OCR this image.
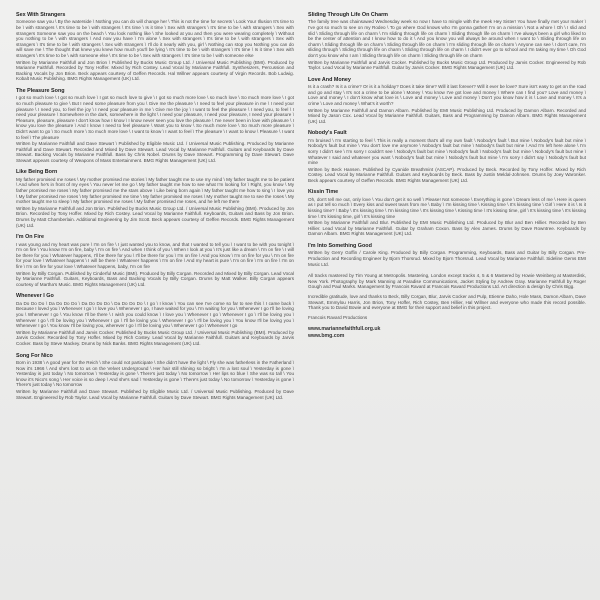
Sex With Strangers

Someone saw you \ By the waterside \ Nothing you can do will change her \ This is not the time for secrets \ Look Your Illusion It's time to be \ with strangers \ It's time to be \ with strangers \ It's time \ Is it time \ Sex with strangers \ It's time to be \ with strangers \ Sex with strangers Someone saw you on the beach \ You look nothing like \ She looked at you and then you were wearing completely \ Without you nothing to be \ with strangers \ And now you have \ I'm alone \ Sex with strangers \ It's time to be \ with strangers \ Sex with strangers \ It's time to be \ with strangers \ Sex with strangers \ I'll do it nearly with you, girl \ Nothing can stop you Nothing you can do will save me \ The thought that knew you knew how much you'll be lying \ It's time to be \ with strangers \ It's time \ Is it time \ Sex with strangers \ It's time to be \ with someone else \ It's time to be \ Sex with strangers \ It's time to be \ with someone else

Written by Marianne Faithfull and Jon Brion \ Published by Bucks Music Group Ltd. / Universal Music Publishing (BMI). Produced by Marianne Faithfull. Recorded by Tony Hoffer. Mixed by Rich Costey. Lead Vocal by Marianne Faithfull. Synthesizers, Percussion and Backing Vocals by Jon Brion. Beck appears courtesy of Geffen Records. Hal Willner appears courtesy of Virgin Records. Bob Ludwig. Kobalt Music Publishing. BMG Rights Management (UK) Ltd.

The Pleasure Song

I got so much love \ I got so much love \ I got so much love to give \ I got so much more love \ so much love \ So much more love \ I got so much pleasure to give \ But I need some pleasure from you \ Give me the pleasure \ I need to feel your pleasure in me \ I need your pleasure \ I need you, to feel the joy \ I need your pleasure in me \ Give me the joy \ I want to feel the pleasure \ I need you, to feel \ I need your pleasure \ Somewhere in the dark, somewhere in the light \ I need your pleasure, I need your pleasure, I need your pleasure \ Pleasure, pleasure, pleasure I don't know how I know \ I know never seen you love the pleasure \ I've never been in love with pleasure \ I know you love the pleasure \ And I know I need to feel pleasure \ Want you to know \ So much more love \ So much more pleasure \ Didn't want to go \ So much more \ So much more love \ I want to know \ I want to feel \ The pleasure \ I want to know \ Pleasure \ I want to feel \ The pleasure

Written by Marianne Faithfull and Dave Stewart \ Published by Eligible Music Ltd. / Universal Music Publishing. Produced by Marianne Faithfull and Dave Stewart. Recorded and Mixed by Dave Stewart. Lead Vocal by Marianne Faithfull. Guitars and Keyboards by Dave Stewart. Backing Vocals by Marianne Faithfull. Bass by Chris Nobel. Drums by Dave Stewart. Programming by Dave Stewart. Dave Stewart appears courtesy of Weapons of Mass Entertainment. BMG Rights Management (UK) Ltd.

Like Being Born

My father promised me roses \ My mother promised me stories \ My father taught me to use my mind \ My father taught me to be patient \ And when he's in front of my eyes \ You never let me go \ My father taught me how to see what I'm looking for \ Right, you know \ My father promised me roses \ My father promised me the stars above \ Like being born again \ My father taught me how to sing \ I love you \ My father promised me roses \ My father promised me time \ My father promised me roses \ My mother taught me to see the roses \ My mother taught me to sleep \ My father promised me roses \ My father promised me roses, and he left me there

Written by Marianne Faithfull and Jon Brion. Published by Bucks Music Group Ltd. / Universal Music Publishing (BMI). Produced by Jon Brion. Recorded by Tony Hoffer. Mixed by Rich Costey. Lead Vocal by Marianne Faithfull. Keyboards, Guitars and Bass by Jon Brion. Drums by Matt Chamberlain. Additional Engineering by Jim Scott. Beck appears courtesy of Geffen Records. BMG Rights Management (UK) Ltd.

I'm On Fire

I was young and my heart was pure \ I'm on fire \ I just wanted you to know, and that I wanted to tell you \ I want to be with you tonight \ I'm on fire \ You know I'm on fire, baby \ I'm on fire \ And when I think of you \ When I look at you \ It's just like a dream \ I'm on fire \ I will be there for you \ Whatever happens, I'll be there for you \ I'll be there for you \ I'm on fire \ And you know \ I'm on fire for you \ I'm on fire for your love \ Whatever happens \ I will be there \ Whatever happens \ I'm on fire \ And my heart is pure \ I'm on fire \ I'm on fire \ I'm on fire \ I'm on fire for your love \ Whatever happens, baby, I'm on fire

Written by Billy Corgan. Published by Cinderful Music (BMI). Produced by Billy Corgan. Recorded and Mixed by Billy Corgan. Lead Vocal by Marianne Faithfull. Guitars, Keyboards, Bass and Backing Vocals by Billy Corgan. Drums by Matt Walker. Billy Corgan appears courtesy of Martha's Music. BMG Rights Management (UK) Ltd.

Whenever I Go

Da Do Do Do \ Da Do Do Do \ Da Do Do Do \ Da Do Do Do \ I go \ I know \ You can see I've come so far to see this \ I came back \ Because I loved you \ Whenever I go \ I love you \ Whenever I go, I have waited for you \ I'm waiting for you \ Whenever I go I'll be loving you \ Whenever I go \ You know I'll be there \ I wish you could know \ I love you \ Whenever I go \ Whenever I go \ I'll be loving you \ Wherever I go \ I'll be loving you \ Whenever I go \ I'll be loving you \ Whenever I go \ I'll be loving you \ You know I'll be loving you \ Whenever I go \ You know I'll be loving you, wherever I go \ I'll be loving you \ Whenever I go \ Whenever I go

Written by Marianne Faithfull and Jarvis Cocker. Published by Bucks Music Group Ltd. / Universal Music Publishing (BMI). Produced by Jarvis Cocker. Recorded by Tony Hoffer. Mixed by Rich Costey. Lead Vocal by Marianne Faithfull. Guitars and Keyboards by Jarvis Cocker. Bass by Steve Mackey. Drums by Nick Banks. BMG Rights Management (UK) Ltd.

Song For Nico

Born in 1938 \ A good year for the Reich \ She could not participate \ She didn't have the light \ Fly she was fatherless in the Fatherland \ Now it's 1966 \ And she's lost to us on the Velvet Underground \ Her hair still shining so bright \ I'm a lost soul \ Yesterday is gone \ Yesterday is just today \ No tomorrow \ Yesterday is gone \ There's just today \ No tomorrow \ Her lips so blue \ She was so tall \ You know it's Nico's song \ Her voice is so deep \ And she's sad \ Yesterday is gone \ There's just today \ No tomorrow \ Yesterday is gone \ There's just today \ No tomorrow

Written by Marianne Faithfull and Dave Stewart. Published by Eligible Music Ltd. / Universal Music Publishing. Produced by Dave Stewart. Engineered by Rob Taylor. Lead Vocal by Marianne Faithfull. Guitars by Dave Stewart. BMG Rights Management (UK) Ltd.

Sliding Through Life On Charm

The family tree was chainsawed Wednesday week so now I have to mingle with the meek Hey Sister! You have finally met your maker \ I've got so much to see on my Rodeo \ To go where God knows who I'm gonna gather! I'm on a mission \ Not a whore \ Oh \ I slid and slid \ Sliding through life on charm \ I'm sliding through life on charm \ Sliding through life on charm \ I've always been a girl who liked to be the center of attention and I know how to do it \ And you know you will always be around when I want to \ Sliding through life on charm \ Sliding through life on charm \ Sliding through life on charm \ I'm sliding through life on charm \ Anyone can see \ I don't care, I'm sliding through \ Sliding through life on charm \ Sliding through life on charm \ I didn't ever go to school and I'm taking my time \ Oh God don't you know who I am \ Sliding through life on charm \ Sliding through life on charm

Written by Marianne Faithfull and Jarvis Cocker. Published by Bucks Music Group Ltd. Produced by Jarvis Cocker. Engineered by Rob Taylor. Lead Vocal by Marianne Faithfull. Guitar by Jarvis Cocker. BMG Rights Management (UK) Ltd.

Love And Money

Is it a crash? Is it a crime? Or is it a holiday? Does it take time? Will it last forever? Will it ever be love? Sure isn't easy to get on the road and go and stay \ It's not a crime to be alone \ Money \ You know I've got love and money \ Where can I find you? Love and money \ Love and money \ I don't know what love is \ Love and money \ Love and money \ Don't you know how it is \ Love and money \ It's a crime \ Love and money \ What's it worth?

Written by Marianne Faithfull and Damon Albarn. Published by EMI Music Publishing Ltd. Produced by Damon Albarn. Recorded and Mixed by Jason Cox. Lead Vocal by Marianne Faithfull. Guitars, Bass and Programming by Damon Albarn. BMG Rights Management (UK) Ltd.

Nobody's Fault

I'm bruised \ I'm starting to feel \ This is really a moment that's all my own fault \ Nobody's fault \ But mine \ Nobody's fault but mine \ Nobody's fault but mine \ You don't love me anymore \ Nobody's fault but mine \ Nobody's fault but mine \ And I'm left here alone \ I'm sorry I didn't see \ I'm sorry I couldn't see \ Nobody's fault but mine \ Nobody's fault \ Nobody's fault but mine \ Nobody's fault but mine \ Whatever I said and whatever you want \ Nobody's fault but mine \ Nobody's fault but mine \ I'm sorry I didn't say \ Nobody's fault but mine

Written by Beck Hansen. Published by Cyanide Breathmint (ASCAP). Produced by Beck. Recorded by Tony Hoffer. Mixed by Rich Costey. Lead Vocal by Marianne Faithfull. Guitars and Keyboards by Beck. Bass by Justin Meldal-Johnsen. Drums by Joey Waronker. Beck appears courtesy of Geffen Records. BMG Rights Management (UK) Ltd.

Kissin Time

Oh, don't tell me out, only love \ You don't get it so well \ Please! Not someone \ Everything is gone \ Dream less of me \ Here is queen as I put tell so much \ Every kiss and sweet tears from me \ Baby \ I'm kissing time \ Kissing time \ It's kissing time \ Girl \ Here it is \ Is it kissing time? \ Baby \ It's kissing time \ I'm kissing time \ It's kissing time \ Kissing time \ It's kissing time, girl \ It's kissing time \ It's kissing time \ It's kissing time, girl \ It's kissing time

Written by Marianne Faithfull and Blur. Published by EMI Music Publishing Ltd. Produced by Blur and Ben Hillier. Recorded by Ben Hillier. Lead Vocal by Marianne Faithfull. Guitar by Graham Coxon. Bass by Alex James. Drums by Dave Rowntree. Keyboards by Damon Albarn. BMG Rights Management (UK) Ltd.

I'm Into Something Good

Written by Gerry Goffin / Carole King. Produced by Billy Corgan. Programming, Keyboards, Bass and Guitar by Billy Corgan. Pre-Production and Recording Engineer by Bjorn Thorsrud. Mixed by Bjorn Thorsrud. Lead Vocal by Marianne Faithfull. Sideline Gems EMI Music Ltd.

All tracks mastered by Tim Young at Metropolis. Mastering, London except tracks 4, 5 & 6 Mastered by Howie Weinberg at Masterdisk, New York. Photography by Mark Manning at Paradise Communications, Jacket Styling by Andrew Gray. Marianne Faithfull by Roger Gough and Paul Marks. Management by Francois Ravard at Francois Ravard Productions Ltd. Art direction & design by Chris Bigg.

Incredible gratitude, love and thanks to Beck, Billy Corgan, Blur, Jarvis Cocker and Pulp, Etienne Daho, Hole Mass, Damon Albarn, Dave Stewart, Emmylou Harris, Jon Brion, Tony Hoffer, Rich Costey, Ben Hillier, Hal Willner and everyone who made this record possible. Thank you to David Bowie and everyone at BMG for their support and belief in this project.

Francois Ravard Productions

www.mariannefaithfull.org.uk
www.bmg.com
